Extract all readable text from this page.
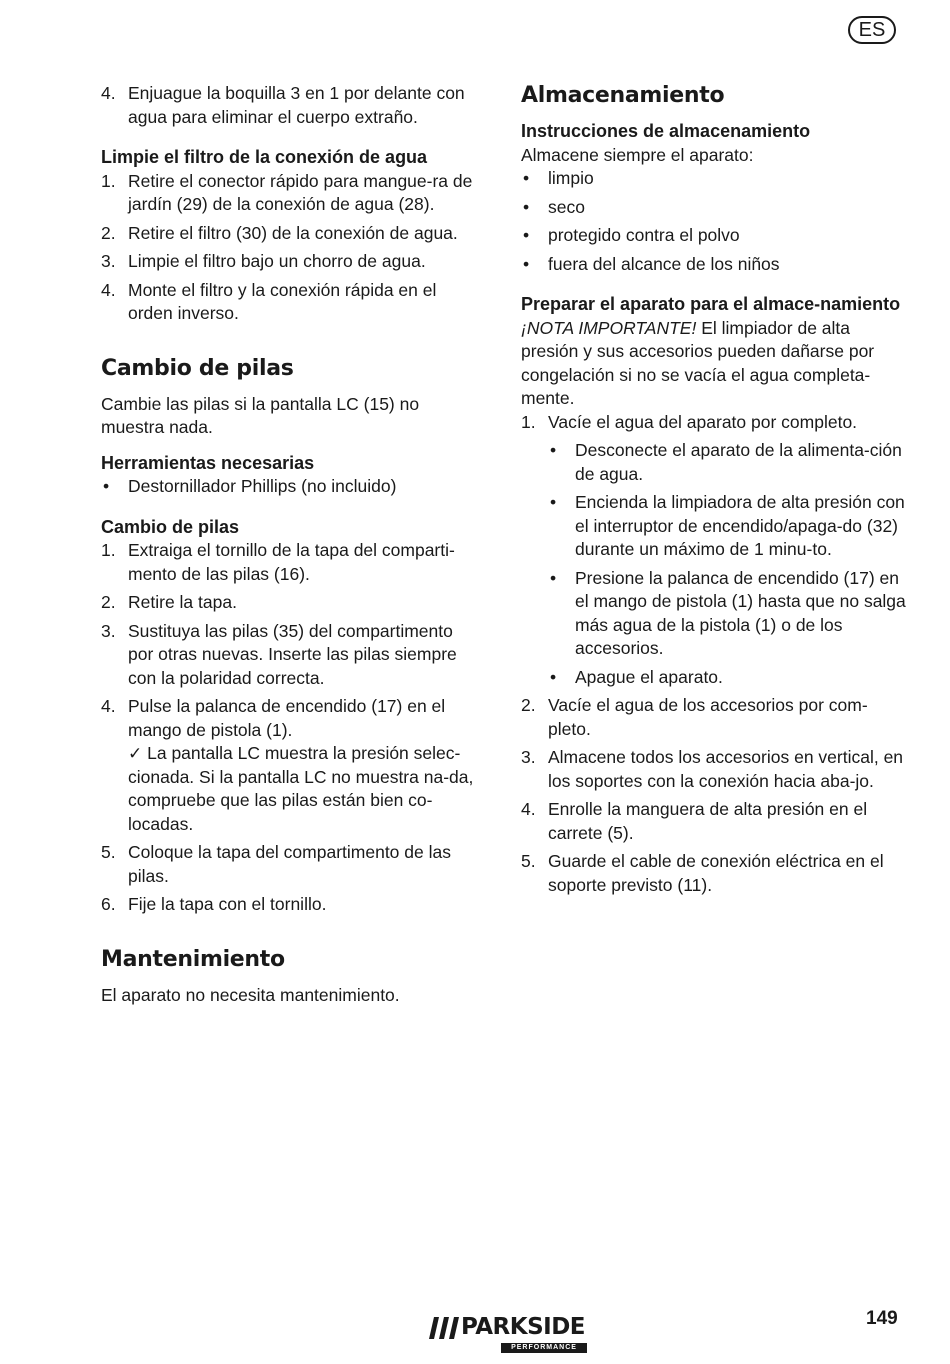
ES
4. Enjuague la boquilla 3 en 1 por delante con agua para eliminar el cuerpo extraño.
Limpie el filtro de la conexión de agua
1. Retire el conector rápido para mangue-ra de jardín (29) de la conexión de agua (28).
2. Retire el filtro (30) de la conexión de agua.
3. Limpie el filtro bajo un chorro de agua.
4. Monte el filtro y la conexión rápida en el orden inverso.
Cambio de pilas

Cambie las pilas si la pantalla LC (15) no muestra nada.

Herramientas necesarias
• Destornillador Phillips (no incluido)
Cambio de pilas
1. Extraiga el tornillo de la tapa del comparti-mento de las pilas (16).
2. Retire la tapa.
3. Sustituya las pilas (35) del compartimento por otras nuevas. Inserte las pilas siempre con la polaridad correcta.
4. Pulse la palanca de encendido (17) en el mango de pistola (1).
✓ La pantalla LC muestra la presión selec-cionada. Si la pantalla LC no muestra na-da, compruebe que las pilas están bien co-locadas.
5. Coloque la tapa del compartimento de las pilas.
6. Fije la tapa con el tornillo.
Mantenimiento

El aparato no necesita mantenimiento.

Almacenamiento
Instrucciones de almacenamiento

Almacene siempre el aparato:

• limpio
• seco
• protegido contra el polvo
• fuera del alcance de los niños
Preparar el aparato para el almace-namiento

¡NOTA IMPORTANTE! El limpiador de alta presión y sus accesorios pueden dañarse por congelación si no se vacía el agua completa-mente.

1. Vacíe el agua del aparato por completo.
• Desconecte el aparato de la alimenta-ción de agua.
• Encienda la limpiadora de alta presión con el interruptor de encendido/apaga-do (32) durante un máximo de 1 minu-to.
• Presione la palanca de encendido (17) en el mango de pistola (1) hasta que no salga más agua de la pistola (1) o de los accesorios.
• Apague el aparato.
2. Vacíe el agua de los accesorios por com-pleto.
3. Almacene todos los accesorios en vertical, en los soportes con la conexión hacia aba-jo.
4. Enrolle la manguera de alta presión en el carrete (5).
5. Guarde el cable de conexión eléctrica en el soporte previsto (11).
PARKSIDE
PERFORMANCE
149
